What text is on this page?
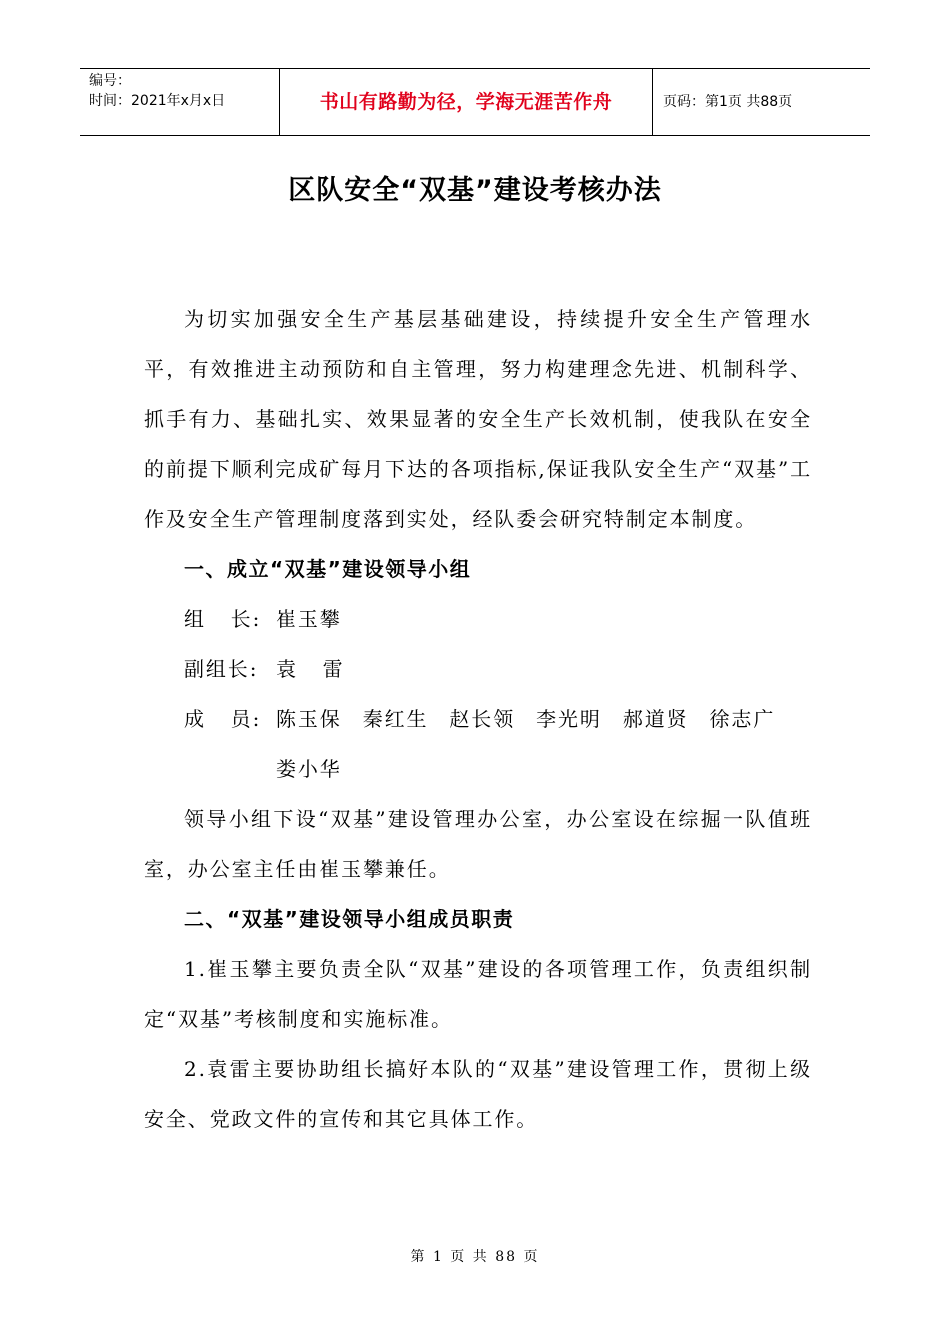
编号：
时间：2021年x月x日	书山有路勤为径，学海无涯苦作舟	页码：第1页 共88页
区队安全“双基”建设考核办法

为切实加强安全生产基层基础建设，持续提升安全生产管理水平，有效推进主动预防和自主管理，努力构建理念先进、机制科学、抓手有力、基础扎实、效果显著的安全生产长效机制，使我队在安全的前提下顺利完成矿每月下达的各项指标,保证我队安全生产“双基”工作及安全生产管理制度落到实处，经队委会研究特制定本制度。

一、成立“双基”建设领导小组
组   长: 崔玉攀
副组长: 袁   雷
成   员: 陈玉保 秦红生 赵长领 李光明 郝道贤 徐志广娄小华

领导小组下设“双基”建设管理办公室，办公室设在综掘一队值班室，办公室主任由崔玉攀兼任。

二、“双基”建设领导小组成员职责

1.崔玉攀主要负责全队“双基”建设的各项管理工作，负责组织制定“双基”考核制度和实施标准。

2.袁雷主要协助组长搞好本队的“双基”建设管理工作，贯彻上级安全、党政文件的宣传和其它具体工作。

第 1 页 共 88 页
